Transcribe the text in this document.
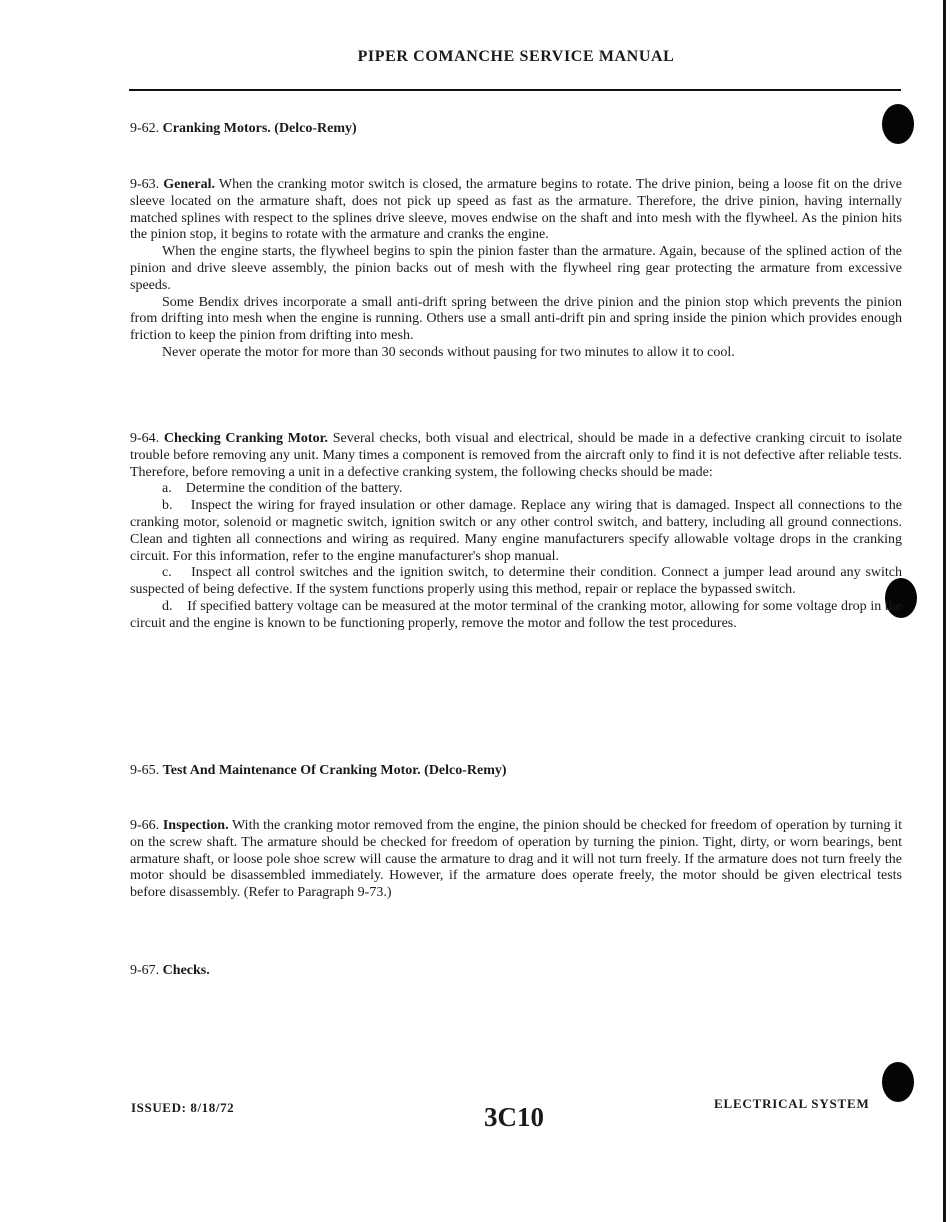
PIPER COMANCHE SERVICE MANUAL
9-62. Cranking Motors. (Delco-Remy)

9-63. General. When the cranking motor switch is closed, the armature begins to rotate. The drive pinion, being a loose fit on the drive sleeve located on the armature shaft, does not pick up speed as fast as the armature. Therefore, the drive pinion, having internally matched splines with respect to the splines drive sleeve, moves endwise on the shaft and into mesh with the flywheel. As the pinion hits the pinion stop, it begins to rotate with the armature and cranks the engine.

When the engine starts, the flywheel begins to spin the pinion faster than the armature. Again, because of the splined action of the pinion and drive sleeve assembly, the pinion backs out of mesh with the flywheel ring gear protecting the armature from excessive speeds.

Some Bendix drives incorporate a small anti-drift spring between the drive pinion and the pinion stop which prevents the pinion from drifting into mesh when the engine is running. Others use a small anti-drift pin and spring inside the pinion which provides enough friction to keep the pinion from drifting into mesh.

Never operate the motor for more than 30 seconds without pausing for two minutes to allow it to cool.

9-64. Checking Cranking Motor. Several checks, both visual and electrical, should be made in a defective cranking circuit to isolate trouble before removing any unit. Many times a component is removed from the aircraft only to find it is not defective after reliable tests. Therefore, before removing a unit in a defective cranking system, the following checks should be made:

a. Determine the condition of the battery.

b. Inspect the wiring for frayed insulation or other damage. Replace any wiring that is damaged. Inspect all connections to the cranking motor, solenoid or magnetic switch, ignition switch or any other control switch, and battery, including all ground connections. Clean and tighten all connections and wiring as required. Many engine manufacturers specify allowable voltage drops in the cranking circuit. For this information, refer to the engine manufacturer's shop manual.

c. Inspect all control switches and the ignition switch, to determine their condition. Connect a jumper lead around any switch suspected of being defective. If the system functions properly using this method, repair or replace the bypassed switch.

d. If specified battery voltage can be measured at the motor terminal of the cranking motor, allowing for some voltage drop in the circuit and the engine is known to be functioning properly, remove the motor and follow the test procedures.

9-65. Test And Maintenance Of Cranking Motor. (Delco-Remy)

9-66. Inspection. With the cranking motor removed from the engine, the pinion should be checked for freedom of operation by turning it on the screw shaft. The armature should be checked for freedom of operation by turning the pinion. Tight, dirty, or worn bearings, bent armature shaft, or loose pole shoe screw will cause the armature to drag and it will not turn freely. If the armature does not turn freely the motor should be disassembled immediately. However, if the armature does operate freely, the motor should be given electrical tests before disassembly. (Refer to Paragraph 9-73.)

9-67. Checks.
ISSUED: 8/18/72	3C10	ELECTRICAL SYSTEM
